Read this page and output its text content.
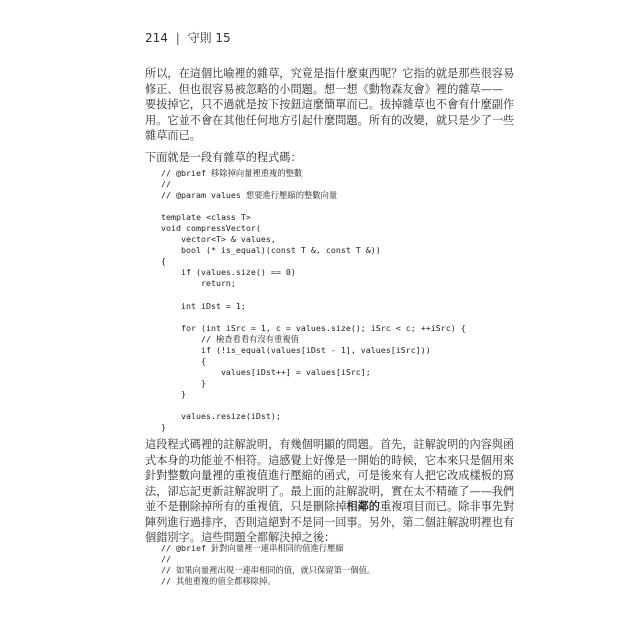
214 | 守則 15
所以，在這個比喻裡的雜草，究竟是指什麼東西呢？它指的就是那些很容易
修正、但也很容易被忽略的小問題。想一想《動物森友會》裡的雜草——
要拔掉它，只不過就是按下按鈕這麼簡單而已。拔掉雜草也不會有什麼副作
用。它並不會在其他任何地方引起什麼問題。所有的改變，就只是少了一些
雜草而已。
下面就是一段有雜草的程式碼：
// @brief 移除掉向量裡重複的整數
//
// @param values 想要進行壓縮的整數向量
template <class T>
void compressVector(
vector<T> & values,
bool (* is_equal)(const T &, const T &))
{
if (values.size() == 0)
return;
int iDst = 1;
for (int iSrc = 1, c = values.size(); iSrc < c; ++iSrc) {
// 檢查看看有沒有重複值
if (!is_equal(values[iDst - 1], values[iSrc]))
{
values[iDst++] = values[iSrc];
}
}
values.resize(iDst);
}
這段程式碼裡的註解說明，有幾個明顯的問題。首先，註解說明的內容與函
式本身的功能並不相符。這感覺上好像是一開始的時候，它本來只是個用來
針對整數向量裡的重複值進行壓縮的函式，可是後來有人把它改成樣板的寫
法，卻忘記更新註解說明了。最上面的註解說明，實在太不精確了——我們
並不是刪除掉所有的重複值，只是刪除掉相鄰的重複項目而已。除非事先對
陣列進行過排序，否則這絕對不是同一回事。另外，第二個註解說明裡也有
個錯別字。這些問題全都解決掉之後：
// @brief 針對向量裡一連串相同的值進行壓縮
//
// 如果向量裡出現一連串相同的值，就只保留第一個值。
// 其他重複的值全都移除掉。
